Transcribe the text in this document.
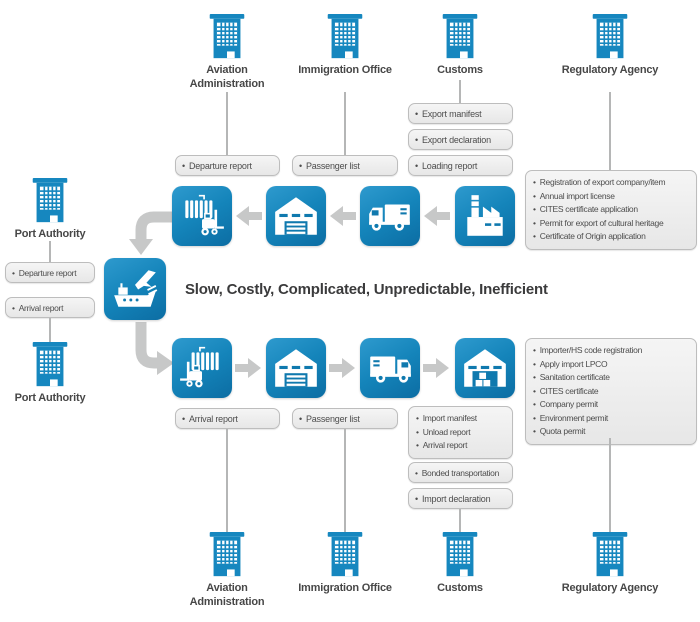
Aviation Administration
Immigration Office	Customs	Regulatory Agency
• Departure report	• Passenger list
• Export manifest
• Export declaration
• Loading report
• Registration of export company/item
• Annual import license
• CITES certificate application
• Permit for export of cultural heritage
• Certificate of Origin application
Slow, Costly, Complicated, Unpredictable, Inefficient
• Importer/HS code registration
• Apply import LPCO
• Sanitation certificate
• CITES certificate
• Company permit
• Environment permit
• Quota permit
• Arrival report	• Passenger list	• Import manifest
• Unload report
• Arrival report
• Bonded transportation
• Import declaration
Aviation Administration
Immigration Office	Customs	Regulatory Agency
Port Authority
• Departure report
• Arrival report
Port Authority
